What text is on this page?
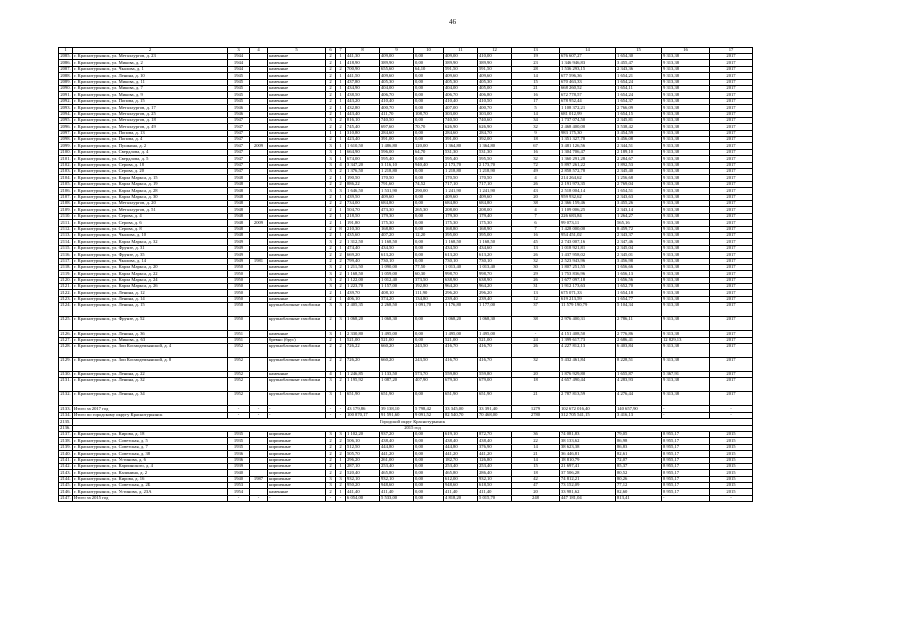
46
1	2	3	4	5	6	7	8	9	10	11	12	13	14	15	16	17
2085.	г. Краснотурьинск, ул. Металлургов, д. 23	1944		каменные	2	1	441,30	409,00	0,00	409,00	410,00	19	676 607,27	1 654,30	9 313,38	2017
2086.	г. Краснотурьинск, ул. Микова, д. 2	1944		каменные	2	1	418,90	389,90	0,00	389,90	389,90	23	1 346 946,83	3 455,47	9 313,38	2017
2087.	г. Краснотурьинск, ул. Чкалова, д. 1	1944		каменные	2	2	700,90	655,60	64,10	591,50	591,50	28	1 536 293,15	2 343,36	9 313,38	2017
2088.	г. Краснотурьинск, ул. Ленина, д. 10	1945		каменные	2	1	441,50	409,60	0,00	409,60	409,60	14	677 596,36	1 654,21	9 313,38	2017
2089.	г. Краснотурьинск, ул. Микова, д. 11	1945		каменные	2	1	437,80	405,30	0,00	405,30	405,30	15	670 463,33	1 654,24	9 313,38	2017
2090.	г. Краснотурьинск, ул. Микова, д. 7	1945		каменные	2	1	434,90	404,00	0,00	404,00	405,00	21	668 260,52	1 654,11	9 313,38	2017
2091.	г. Краснотурьинск, ул. Микова, д. 9	1945		каменные	2	1	438,50	406,70	0,00	406,70	406,80	16	672 778,57	1 654,24	9 313,38	2017
2092.	г. Краснотурьинск, ул. Попова, д. 15	1945		каменные	2	1	443,20	410,40	0,00	410,40	410,50	17	678 952,44	1 654,37	9 313,38	2017
2093.	г. Краснотурьинск, ул. Металлургов, д. 17	1946		каменные	2	1	432,80	400,70	0,00	407,00	400,70	5	1 108 372,21	2 766,09	9 313,38	2017
2094.	г. Краснотурьинск, ул. Металлургов, д. 25	1946		каменные	2	1	443,40	411,70	108,70	303,00	303,00	14	681 012,99	1 654,15	9 313,38	2017
2095.	г. Краснотурьинск, ул. Металлургов, д. 18	1947		каменные	3	2	816,10	740,50	0,00	740,50	740,60	34	1 737 074,50	2 345,81	9 313,38	2017
2096.	г. Краснотурьинск, ул. Металлургов, д. 49	1947		каменные	2	2	745,40	697,60	70,70	626,90	626,90	32	2 468 400,00	3 538,42	9 313,38	2017
2097.	г. Краснотурьинск, ул. Попова, д. 13	1947		каменные	1	1	310,80	284,60	0,00	284,60	284,70	9	983 175,30	3 454,59	9 313,38	2017
2098.	г. Краснотурьинск, ул. Попова, д. 4	1947		каменные	2	1	423,40	391,00	0,00	391,00	392,00	18	1 351 327,78	3 456,08	9 313,38	2017
2099.	г. Краснотурьинск, ул. Пушкина, д. 2	1947	2009	каменные	3	1	1 610,50	1 486,80	120,00	1 364,80	1 364,80	67	3 481 126,56	2 344,51	9 313,38	2017
2100.	г. Краснотурьинск, ул. Свердлова, д. 4	1947		каменные	3	1	664,90	596,00	64,70	531,30	531,30	16	1 304 706,47	2 189,10	9 313,38	2017
2101.	г. Краснотурьинск, ул. Свердлова, д. 5	1947		каменные	3	1	674,00	595,40	0,00	595,40	595,50	32	1 360 291,28	2 284,67	9 313,38	2017
2102.	г. Краснотурьинск, ул. Серова, д. 18	1947		каменные	3	4	3 347,20	3 116,10	940,40	2 173,70	2 173,70	72	5 897 261,22	1 892,53	9 313,38	2017
2103.	г. Краснотурьинск, ул. Серова, д. 20	1947		каменные	3	2	1 376,50	1 218,80	0,00	1 218,80	1 218,90	49	2 858 572,78	2 345,40	9 313,38	2017
2104.	г. Краснотурьинск, ул. Карла Маркса, д. 15	1948		каменные	2	1	190,50	170,50	0,00	170,50	170,50	4	214 264,62	1 256,68	9 313,38	2017
2105.	г. Краснотурьинск, ул. Карла Маркса, д. 19	1948		каменные	2	2	886,22	791,60	74,52	717,10	717,10	26	2 191 973,35	2 769,04	9 313,38	2017
2106.	г. Краснотурьинск, ул. Карла Маркса, д. 28	1948		каменные	3	3	1 646,50	1 531,90	290,00	1 241,90	1 241,90	43	2 518 004,14	1 654,51	9 313,38	2017
2107.	г. Краснотурьинск, ул. Карла Маркса, д. 30	1948		каменные	2	1	439,50	409,60	0,00	409,60	409,60	20	959 932,62	2 343,63	9 313,38	2017
2108.	г. Краснотурьинск, ул. Металлургов, д. 20	1948		каменные	2	2	734,00	684,80	0,00	684,80	684,80	38	2 366 159,46	3 455,26	9 313,38	2017
2109.	г. Краснотурьинск, ул. Металлургов, д. 51	1948		каменные	2	1	504,70	473,30	265,30	208,00	208,00	4	1 109 006,25	2 343,14	9 313,38	2017
2110.	г. Краснотурьинск, ул. Серова, д. 4	1948		каменные	2	1	218,50	179,30	0,00	179,30	179,40	7	226 683,84	1 264,27	9 313,38	2017
2111.	г. Краснотурьинск, ул. Серова, д. 6	1948	2009	каменные	2	1	191,80	175,30	0,00	175,30	175,30	6	99 073,11	565,16	9 313,38	2017
2112.	г. Краснотурьинск, ул. Серова, д. 8	1948		каменные	2	8	210,30	168,80	0,00	168,80	168,90	7	1 428 000,00	8 459,72	9 313,38	2017
2113.	г. Краснотурьинск, ул. Чкалова, д. 10	1948		каменные	2	1	435,60	407,20	12,20	395,00	395,00	16	954 451,02	2 343,37	9 313,38	2017
2114.	г. Краснотурьинск, ул. Карла Маркса, д. 32	1949		каменные	3	2	1 312,50	1 168,50	0,00	1 168,50	1 168,50	45	2 743 007,16	2 347,46	9 313,38	2017
2115.	г. Краснотурьинск, ул. Фрунзе, д. 31	1949		каменные	2	1	474,40	434,50	0,00	434,50	434,60	13	1 018 921,81	2 345,04	9 313,38	2017
2116.	г. Краснотурьинск, ул. Фрунзе, д. 35	1949		каменные	2	2	669,20	613,20	0,00	613,20	613,20	26	1 437 958,02	2 345,01	9 313,38	2017
2117.	г. Краснотурьинск, ул. Чкалова, д. 14	1949	1981	каменные	2	2	799,40	730,10	0,00	730,10	730,10	32	2 523 943,96	3 456,98	9 313,38	2017
2118.	г. Краснотурьинск, ул. Карла Маркса, д. 20	1950		каменные	3	2	1 211,50	1 090,00	77,50	1 013,40	1 013,40	30	1 807 251,55	1 656,66	9 313,38	2017
2119.	г. Краснотурьинск, ул. Карла Маркса, д. 22	1950		каменные	3	2	1 168,50	1 059,00	60,30	998,70	998,70	29	1 753 836,96	1 656,13	9 313,38	2017
2120.	г. Краснотурьинск, ул. Карла Маркса, д. 24	1950		каменные	3	2	1 122,00	1 012,40	373,50	638,90	638,90	26	1 677 097,18	1 656,56	9 313,38	2017
2121.	г. Краснотурьинск, ул. Карла Маркса, д. 26	1950		каменные	3	2	1 223,70	1 157,00	192,80	964,20	964,20	31	1 912 173,63	1 652,70	9 313,38	2017
2122.	г. Краснотурьинск, ул. Ленина, д. 12	1950		каменные	2	1	439,70	408,10	111,90	296,20	296,20	13	675 071,33	1 654,18	9 313,38	2017
2123.	г. Краснотурьинск, ул. Ленина, д. 14	1950		каменные	2	1	406,10	374,20	134,80	239,40	239,40	12	619 213,59	1 654,77	9 313,38	2017
2124.	г. Краснотурьинск, ул. Ленина, д. 15	1950		крупноблочные газоблоки	3	3	2 405,35	2 268,50	1 091,70	1 176,80	1 177,00	37	11 579 190,79	5 104,34	9 313,38	2017
2125.	г. Краснотурьинск, ул. Фрунзе, д. 52	1950		крупноблочные газоблоки	2	3	1 068,20	1 068,30	0,00	1 068,20	1 068,30	38	2 976 400,31	2 786,11	9 313,38	2017
2126.	г. Краснотурьинск, ул. Ленина, д. 36	1951		каменные	3	1	2 330,80	1 495,00	0,00	1 495,00	1 495,00	-	4 151 408,50	2 776,86	9 313,38	2017
2127.	г. Краснотурьинск, ул. Микова, д. 63	1951		бревно (брус)	2	1	521,00	521,00	0,00	521,00	521,00	24	1 399 617,73	2 686,41	12 829,13	2017
2128.	г. Краснотурьинск, ул. Зои Космодемьянской, д. 4	1952		крупноблочные газоблоки	2	2	726,22	660,20	243,50	416,70	416,70	26	4 227 812,13	6 403,84	9 313,38	2017
2129.	г. Краснотурьинск, ул. Зои Космодемьянской, д. 8	1952		крупноблочные газоблоки	2	2	726,20	660,20	243,50	416,70	416,70	32	5 432 461,84	8 228,51	9 313,38	2017
2130.	г. Краснотурьинск, ул. Ленина, д. 22	1952		каменные	4	1	1 246,85	1 133,50	573,70	559,80	559,80	20	1 876 929,80	1 655,87	5 367,91	2017
2131.	г. Краснотурьинск, ул. Ленина, д. 32	1952		крупноблочные газоблоки	3	2	1 195,92	1 087,20	407,90	679,30	679,00	18	4 657 490,44	4 283,93	9 313,38	2017
2132.	г. Краснотурьинск, ул. Ленина, д. 34	1952		крупноблочные газоблоки	3	1	651,90	651,90	0,00	651,90	651,90	21	2 787 813,59	4 276,44	9 313,38	2017
2133.	Итого за 2017 год	-	-	-	-	-	43 179,86	39 138,10	5 798,42	33 345,00	33 391,40	1279	102 672 016,40	140 657,90	-	-
2134.	Итого по городскому округу Краснотурьинск	-	-	-	-	-	100 870,17	91 591,60	9 091,52	82 540,70	70 468,00	2780	312 705 541,15	3 416,13	-	-
2135.	Городской округ Краснотурьинск															
2136.	2015 год															
2137.	г. Краснотурьинск, ул. Кирова, д. 18	1935		кирпичные	3	3	1 102,20	937,20	0,00	619,10	872,70	36	74 081,83	79,05	8 955,17	2015
2138.	г. Краснотурьинск, ул. Советская, д. 5	1935		кирпичные	2	2	506,10	438,40	0,00	438,40	438,40	22	38 133,62	86,98	8 955,17	2015
2139.	г. Краснотурьинск, ул. Советская, д. 7	1935		кирпичные	2	2	512,50	444,80	0,00	444,80	376,90	14	38 623,38	86,83	8 955,17	2015
2140.	г. Краснотурьинск, ул. Советская, д. 38	1936		кирпичные	2	2	505,70	441,20	0,00	441,20	441,20	21	36 446,81	82,61	8 955,17	2015
2141.	г. Краснотурьинск, ул. Устинова, д. 6	1936		кирпичные	2	1	296,20	261,00	0,00	182,70	126,80	14	18 810,79	72,07	8 955,17	2015
2142.	г. Краснотурьинск, ул. Карпинского, д. 4	1939		кирпичные	2	1	287,10	253,40	0,00	253,40	253,40	15	21 697,41	85,37	8 955,17	2015
2143.	г. Краснотурьинск, ул. Калинина, д. 2	1940		кирпичные	2	2	520,40	465,80	0,00	465,80	286,40	18	37 506,28	80,52	8 955,17	2015
2144.	г. Краснотурьинск, ул. Кирова, д. 16	1940	1987	кирпичные	3	3	932,10	932,10	0,00	612,00	932,10	42	74 812,21	80,26	8 955,17	2015
2145.	г. Краснотурьинск, ул. Советская, д. 2Б	1953		кирпичные	3	2	950,20	948,60	0,00	948,60	618,50	47	73 152,09	77,12	8 955,17	2015
2146.	г. Краснотурьинск, ул. Устинова, д. 23А	1954		каменные	2	1	441,40	411,40	0,00	411,40	411,40	20	33 981,62	82,60	8 955,17	2015
2147.	Итого за 2015 год	-	-	-	-	-	6 054,00	5 533,00	0,00	4 818,20	5 015,70	248	447 181,04	813,41	-	-
